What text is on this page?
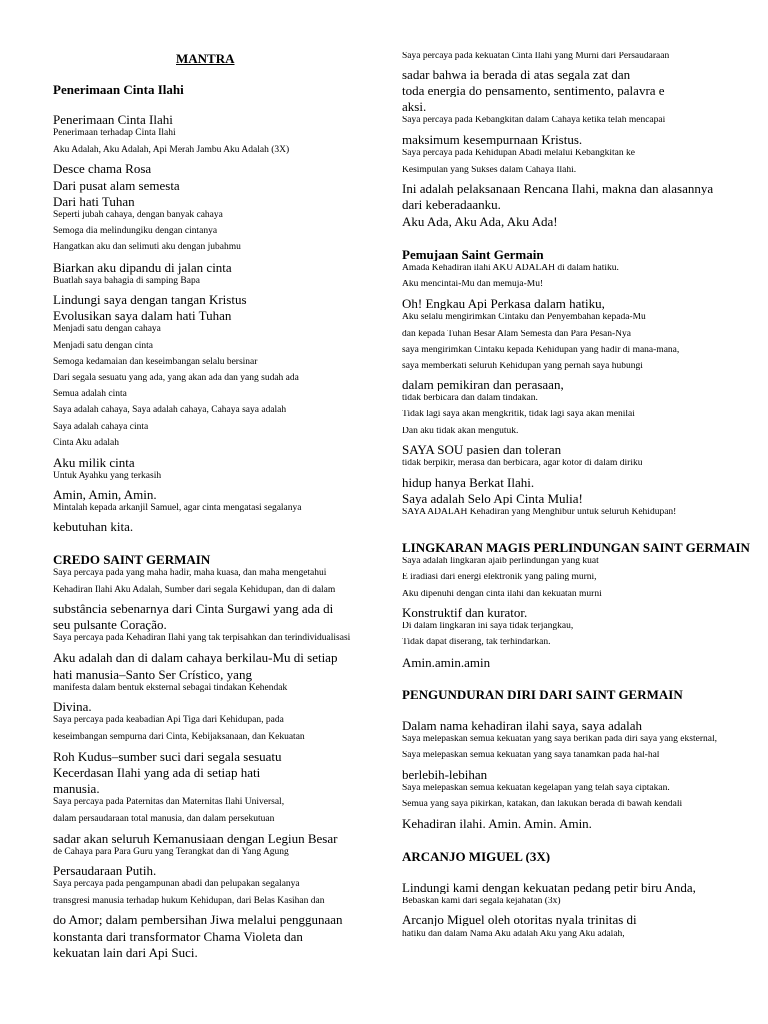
MANTRA
Penerimaan Cinta Ilahi
Penerimaan Cinta Ilahi
Penerimaan terhadap Cinta Ilahi
Aku Adalah, Aku Adalah, Api Merah Jambu Aku Adalah (3X)
Desce chama Rosa
Dari pusat alam semesta
Dari hati Tuhan
Seperti jubah cahaya, dengan banyak cahaya
Semoga dia melindungiku dengan cintanya
Hangatkan aku dan selimuti aku dengan jubahmu
Biarkan aku dipandu di jalan cinta
Buatlah saya bahagia di samping Bapa
Lindungi saya dengan tangan Kristus
Evolusikan saya dalam hati Tuhan
Menjadi satu dengan cahaya
Menjadi satu dengan cinta
Semoga kedamaian dan keseimbangan selalu bersinar
Dari segala sesuatu yang ada, yang akan ada dan yang sudah ada
Semua adalah cinta
Saya adalah cahaya, Saya adalah cahaya, Cahaya saya adalah
Saya adalah cahaya cinta
Cinta Aku adalah
Aku milik cinta
Untuk Ayahku yang terkasih
Amin, Amin, Amin.
Mintalah kepada arkanjil Samuel, agar cinta mengatasi segalanya
kebutuhan kita.
CREDO SAINT GERMAIN
Saya percaya pada yang maha hadir, maha kuasa, dan maha mengetahui
Kehadiran Ilahi Aku Adalah, Sumber dari segala Kehidupan, dan di dalam
substância sebenarnya dari Cinta Surgawi yang ada di
seu pulsante Coração.
Saya percaya pada Kehadiran Ilahi yang tak terpisahkan dan terindividualisasi
Aku adalah dan di dalam cahaya berkilau-Mu di setiap
hati manusia–Santo Ser Crístico, yang
manifesta dalam bentuk eksternal sebagai tindakan Kehendak
Divina.
Saya percaya pada keabadian Api Tiga dari Kehidupan, pada
keseimbangan sempurna dari Cinta, Kebijaksanaan, dan Kekuatan
Roh Kudus–sumber suci dari segala sesuatu
Kecerdasan Ilahi yang ada di setiap hati
manusia.
Saya percaya pada Paternitas dan Maternitas Ilahi Universal,
dalam persaudaraan total manusia, dan dalam persekutuan
sadar akan seluruh Kemanusiaan dengan Legiun Besar
de Cahaya para Para Guru yang Terangkat dan di Yang Agung
Persaudaraan Putih.
Saya percaya pada pengampunan abadi dan pelupakan segalanya
transgresi manusia terhadap hukum Kehidupan, dari Belas Kasihan dan
do Amor; dalam pembersihan Jiwa melalui penggunaan
konstanta dari transformator Chama Violeta dan
kekuatan lain dari Api Suci.
Saya percaya pada kekuatan Cinta Ilahi yang Murni dari Persaudaraan
sadar bahwa ia berada di atas segala zat dan
toda energia do pensamento, sentimento, palavra e
aksi.
Saya percaya pada Kebangkitan dalam Cahaya ketika telah mencapai
maksimum kesempurnaan Kristus.
Saya percaya pada Kehidupan Abadi melalui Kebangkitan ke
Kesimpulan yang Sukses dalam Cahaya Ilahi.
Ini adalah pelaksanaan Rencana Ilahi, makna dan alasannya
dari keberadaanku.
Aku Ada, Aku Ada, Aku Ada!
Pemujaan Saint Germain
Amada Kehadiran ilahi AKU ADALAH di dalam hatiku.
Aku mencintai-Mu dan memuja-Mu!
Oh! Engkau Api Perkasa dalam hatiku,
Aku selalu mengirimkan Cintaku dan Penyembahan kepada-Mu
dan kepada Tuhan Besar Alam Semesta dan Para Pesan-Nya
saya mengirimkan Cintaku kepada Kehidupan yang hadir di mana-mana,
saya memberkati seluruh Kehidupan yang pernah saya hubungi
dalam pemikiran dan perasaan,
tidak berbicara dan dalam tindakan.
Tidak lagi saya akan mengkritik, tidak lagi saya akan menilai
Dan aku tidak akan mengutuk.
SAYA SOU pasien dan toleran
tidak berpikir, merasa dan berbicara, agar kotor di dalam diriku
hidup hanya Berkat Ilahi.
Saya adalah Selo Api Cinta Mulia!
SAYA ADALAH Kehadiran yang Menghibur untuk seluruh Kehidupan!
LINGKARAN MAGIS PERLINDUNGAN SAINT GERMAIN
Saya adalah lingkaran ajaib perlindungan yang kuat
E iradiasi dari energi elektronik yang paling murni,
Aku dipenuhi dengan cinta ilahi dan kekuatan murni
Konstruktif dan kurator.
Di dalam lingkaran ini saya tidak terjangkau,
Tidak dapat diserang, tak terhindarkan.
Amin.amin.amin
PENGUNDURAN DIRI DARI SAINT GERMAIN
Dalam nama kehadiran ilahi saya, saya adalah
Saya melepaskan semua kekuatan yang saya berikan pada diri saya yang eksternal,
Saya melepaskan semua kekuatan yang saya tanamkan pada hal-hal
berlebih-lebihan
Saya melepaskan semua kekuatan kegelapan yang telah saya ciptakan.
Semua yang saya pikirkan, katakan, dan lakukan berada di bawah kendali
Kehadiran ilahi. Amin. Amin. Amin.
ARCANJO MIGUEL (3X)
Lindungi kami dengan kekuatan pedang petir biru Anda,
Bebaskan kami dari segala kejahatan (3x)
Arcanjo Miguel oleh otoritas nyala trinitas di
hatiku dan dalam Nama Aku adalah Aku yang Aku adalah,
